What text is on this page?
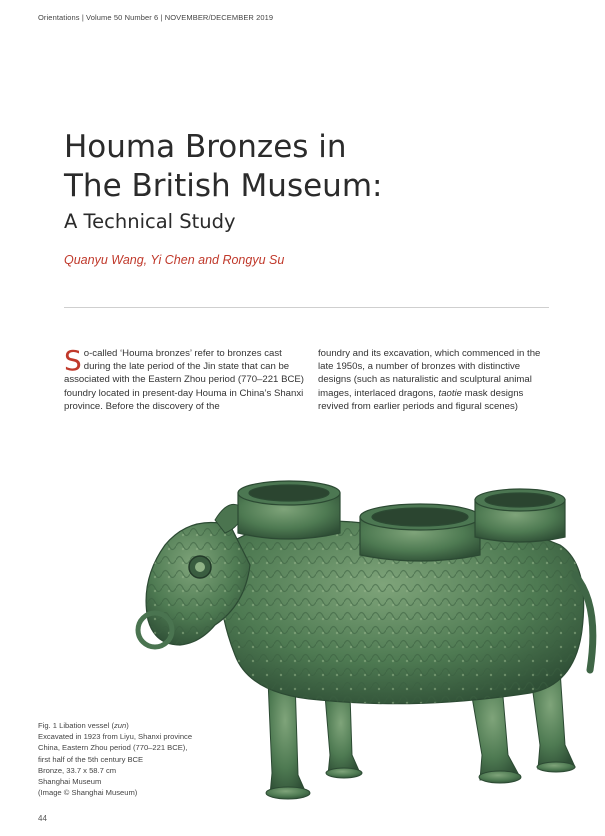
Orientations | Volume 50 Number 6 | NOVEMBER/DECEMBER 2019
Houma Bronzes in
The British Museum:
A Technical Study
Quanyu Wang, Yi Chen and Rongyu Su
So-called ‘Houma bronzes’ refer to bronzes cast during the late period of the Jin state that can be associated with the Eastern Zhou period (770–221 BCE) foundry located in present-day Houma in China’s Shanxi province. Before the discovery of the
foundry and its excavation, which commenced in the late 1950s, a number of bronzes with distinctive designs (such as naturalistic and sculptural animal images, interlaced dragons, taotie mask designs revived from earlier periods and figural scenes)
Fig. 1 Libation vessel (zun)
Excavated in 1923 from Liyu, Shanxi province
China, Eastern Zhou period (770–221 BCE),
first half of the 5th century BCE
Bronze, 33.7 x 58.7 cm
Shanghai Museum
(Image © Shanghai Museum)
44
